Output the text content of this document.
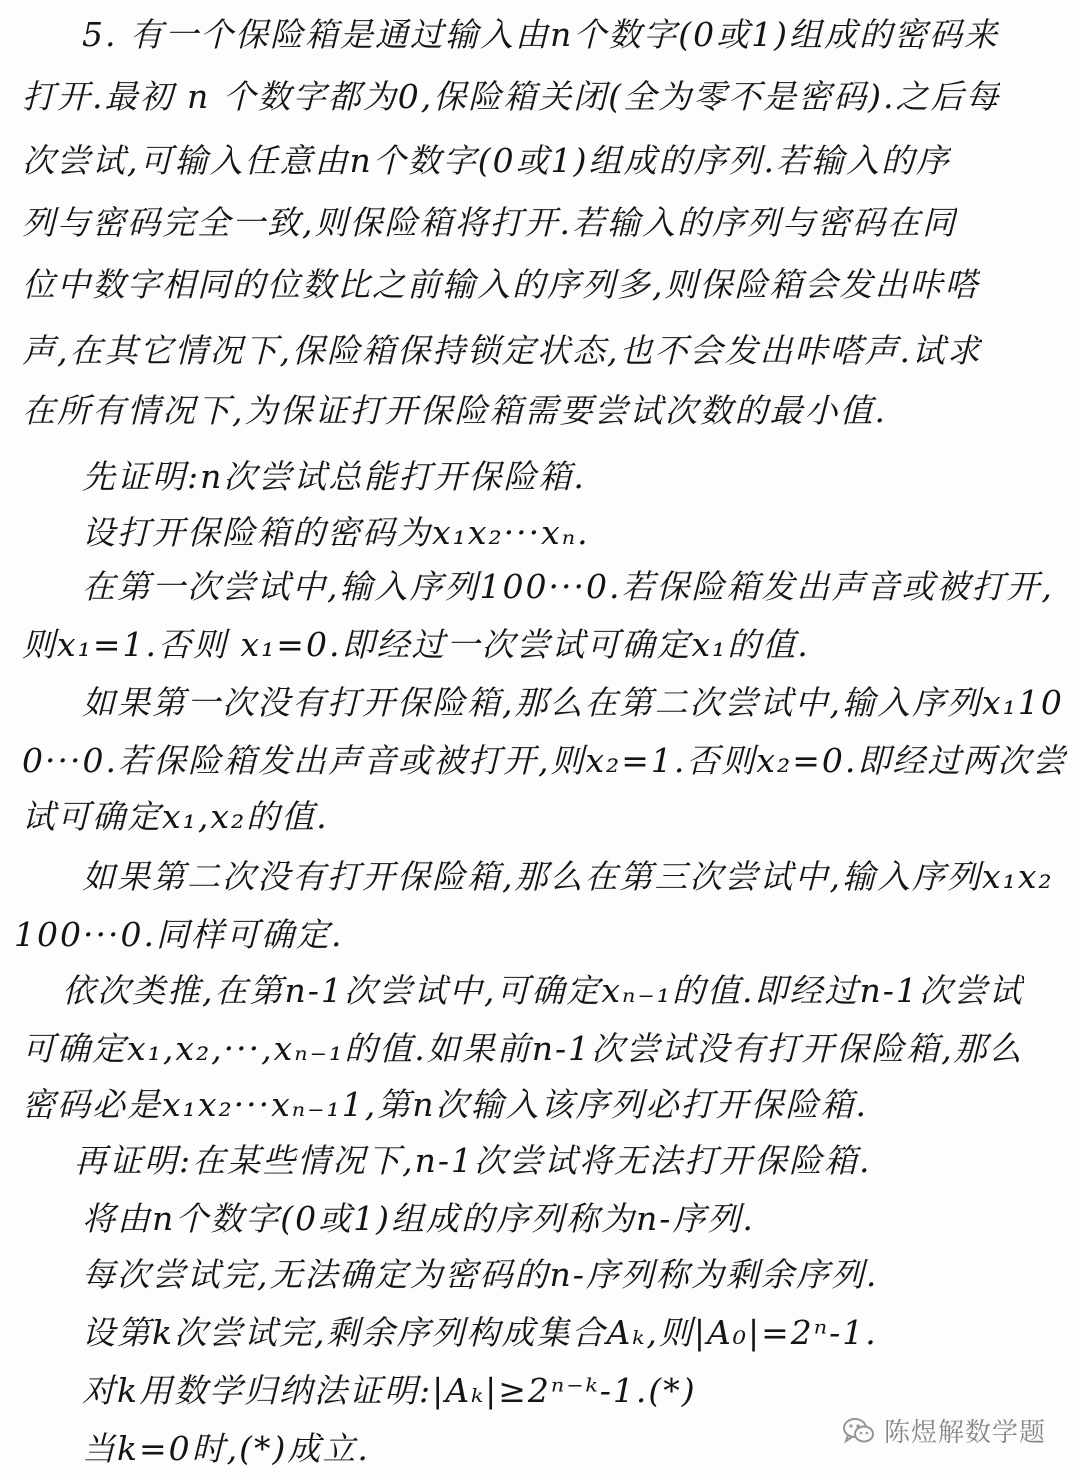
5. 有一个保险箱是通过输入由n个数字(0或1)组成的密码来
打开.最初 n 个数字都为0,保险箱关闭(全为零不是密码).之后每
次尝试,可输入任意由n个数字(0或1)组成的序列.若输入的序
列与密码完全一致,则保险箱将打开.若输入的序列与密码在同
位中数字相同的位数比之前输入的序列多,则保险箱会发出咔嗒
声,在其它情况下,保险箱保持锁定状态,也不会发出咔嗒声.试求
在所有情况下,为保证打开保险箱需要尝试次数的最小值.
先证明:n次尝试总能打开保险箱.
设打开保险箱的密码为x₁x₂···xₙ.
在第一次尝试中,输入序列100···0.若保险箱发出声音或被打开,
则x₁=1.否则 x₁=0.即经过一次尝试可确定x₁的值.
如果第一次没有打开保险箱,那么在第二次尝试中,输入序列x₁10
0···0.若保险箱发出声音或被打开,则x₂=1.否则x₂=0.即经过两次尝
试可确定x₁,x₂的值.
如果第二次没有打开保险箱,那么在第三次尝试中,输入序列x₁x₂
100···0.同样可确定.
依次类推,在第n-1次尝试中,可确定xₙ₋₁的值.即经过n-1次尝试
可确定x₁,x₂,···,xₙ₋₁的值.如果前n-1次尝试没有打开保险箱,那么
密码必是x₁x₂···xₙ₋₁1,第n次输入该序列必打开保险箱.
再证明:在某些情况下,n-1次尝试将无法打开保险箱.
将由n个数字(0或1)组成的序列称为n-序列.
每次尝试完,无法确定为密码的n-序列称为剩余序列.
设第k次尝试完,剩余序列构成集合Aₖ,则|A₀|=2ⁿ-1.
对k用数学归纳法证明:|Aₖ|≥2ⁿ⁻ᵏ-1.(*)
当k=0时,(*)成立.	陈煜解数学题
